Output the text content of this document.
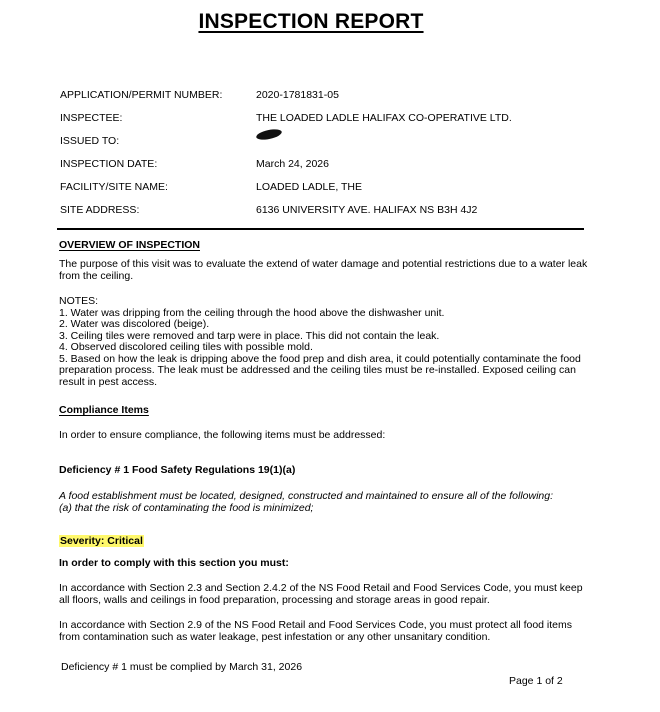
INSPECTION REPORT
APPLICATION/PERMIT NUMBER:	2020-1781831-05
INSPECTEE:	THE LOADED LADLE HALIFAX CO-OPERATIVE LTD.
ISSUED TO:
INSPECTION DATE:	March 24, 2026
FACILITY/SITE NAME:	LOADED LADLE, THE
SITE ADDRESS:	6136 UNIVERSITY AVE. HALIFAX NS B3H 4J2
OVERVIEW OF INSPECTION
The purpose of this visit was to evaluate the extend of water damage and potential restrictions due to a water leak from the ceiling.

NOTES:

1. Water was dripping from the ceiling through the hood above the dishwasher unit.

2. Water was discolored (beige).

3. Ceiling tiles were removed and tarp were in place. This did not contain the leak.

4. Observed discolored ceiling tiles with possible mold.

5. Based on how the leak is dripping above the food prep and dish area, it could potentially contaminate the food preparation process. The leak must be addressed and the ceiling tiles must be re-installed. Exposed ceiling can result in pest access.

Compliance Items
In order to ensure compliance, the following items must be addressed:
Deficiency # 1 Food Safety Regulations 19(1)(a)

A food establishment must be located, designed, constructed and maintained to ensure all of the following:

(a) that the risk of contaminating the food is minimized;

Severity: Critical
In order to comply with this section you must:
In accordance with Section 2.3 and Section 2.4.2 of the NS Food Retail and Food Services Code, you must keep all floors, walls and ceilings in food preparation, processing and storage areas in good repair.
In accordance with Section 2.9 of the NS Food Retail and Food Services Code, you must protect all food items from contamination such as water leakage, pest infestation or any other unsanitary condition.
Deficiency # 1 must be complied by March 31, 2026
Page 1 of 2
